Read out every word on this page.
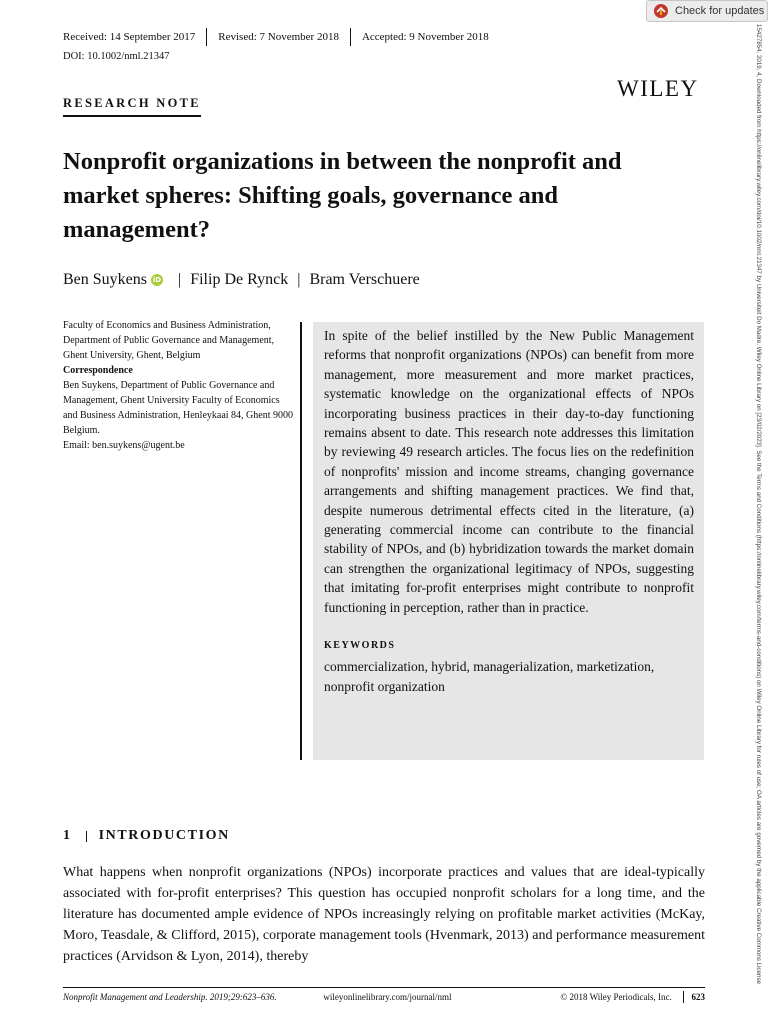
Check for updates
Received: 14 September 2017	Revised: 7 November 2018	Accepted: 9 November 2018
DOI: 10.1002/nml.21347
WILEY
RESEARCH NOTE
Nonprofit organizations in between the nonprofit and market spheres: Shifting goals, governance and management?
Ben Suykens iD | Filip De Rynck | Bram Verschuere

Faculty of Economics and Business Administration, Department of Public Governance and Management, Ghent University, Ghent, Belgium

Correspondence

Ben Suykens, Department of Public Governance and Management, Ghent University Faculty of Economics and Business Administration, Henleykaai 84, Ghent 9000 Belgium.

Email: ben.suykens@ugent.be

In spite of the belief instilled by the New Public Management reforms that nonprofit organizations (NPOs) can benefit from more management, more measurement and more market practices, systematic knowledge on the organizational effects of NPOs incorporating business practices in their day-to-day functioning remains absent to date. This research note addresses this limitation by reviewing 49 research articles. The focus lies on the redefinition of nonprofits' mission and income streams, changing governance arrangements and shifting management practices. We find that, despite numerous detrimental effects cited in the literature, (a) generating commercial income can contribute to the financial stability of NPOs, and (b) hybridization towards the market domain can strengthen the organizational legitimacy of NPOs, suggesting that imitating for-profit enterprises might contribute to nonprofit functioning in perception, rather than in practice.

KEYWORDS
commercialization, hybrid, managerialization, marketization, nonprofit organization
1 INTRODUCTION

What happens when nonprofit organizations (NPOs) incorporate practices and values that are ideal-typically associated with for-profit enterprises? This question has occupied nonprofit scholars for a long time, and the literature has documented ample evidence of NPOs increasingly relying on profitable market activities (McKay, Moro, Teasdale, & Clifford, 2015), corporate management tools (Hvenmark, 2013) and performance measurement practices (Arvidson & Lyon, 2014), thereby

Nonprofit Management and Leadership. 2019;29:623–636.	wileyonlinelibrary.com/journal/nml	© 2018 Wiley Periodicals, Inc.	623
15427854, 2019, 4, Downloaded from https://onlinelibrary.wiley.com/doi/10.1002/nml.21347 by Universiteit Do Madre, Wiley Online Library on [23/02/2023]. See the Terms and Conditions (https://onlinelibrary.wiley.com/terms-and-conditions) on Wiley Online Library for rules of use; OA articles are governed by the applicable Creative Commons License
